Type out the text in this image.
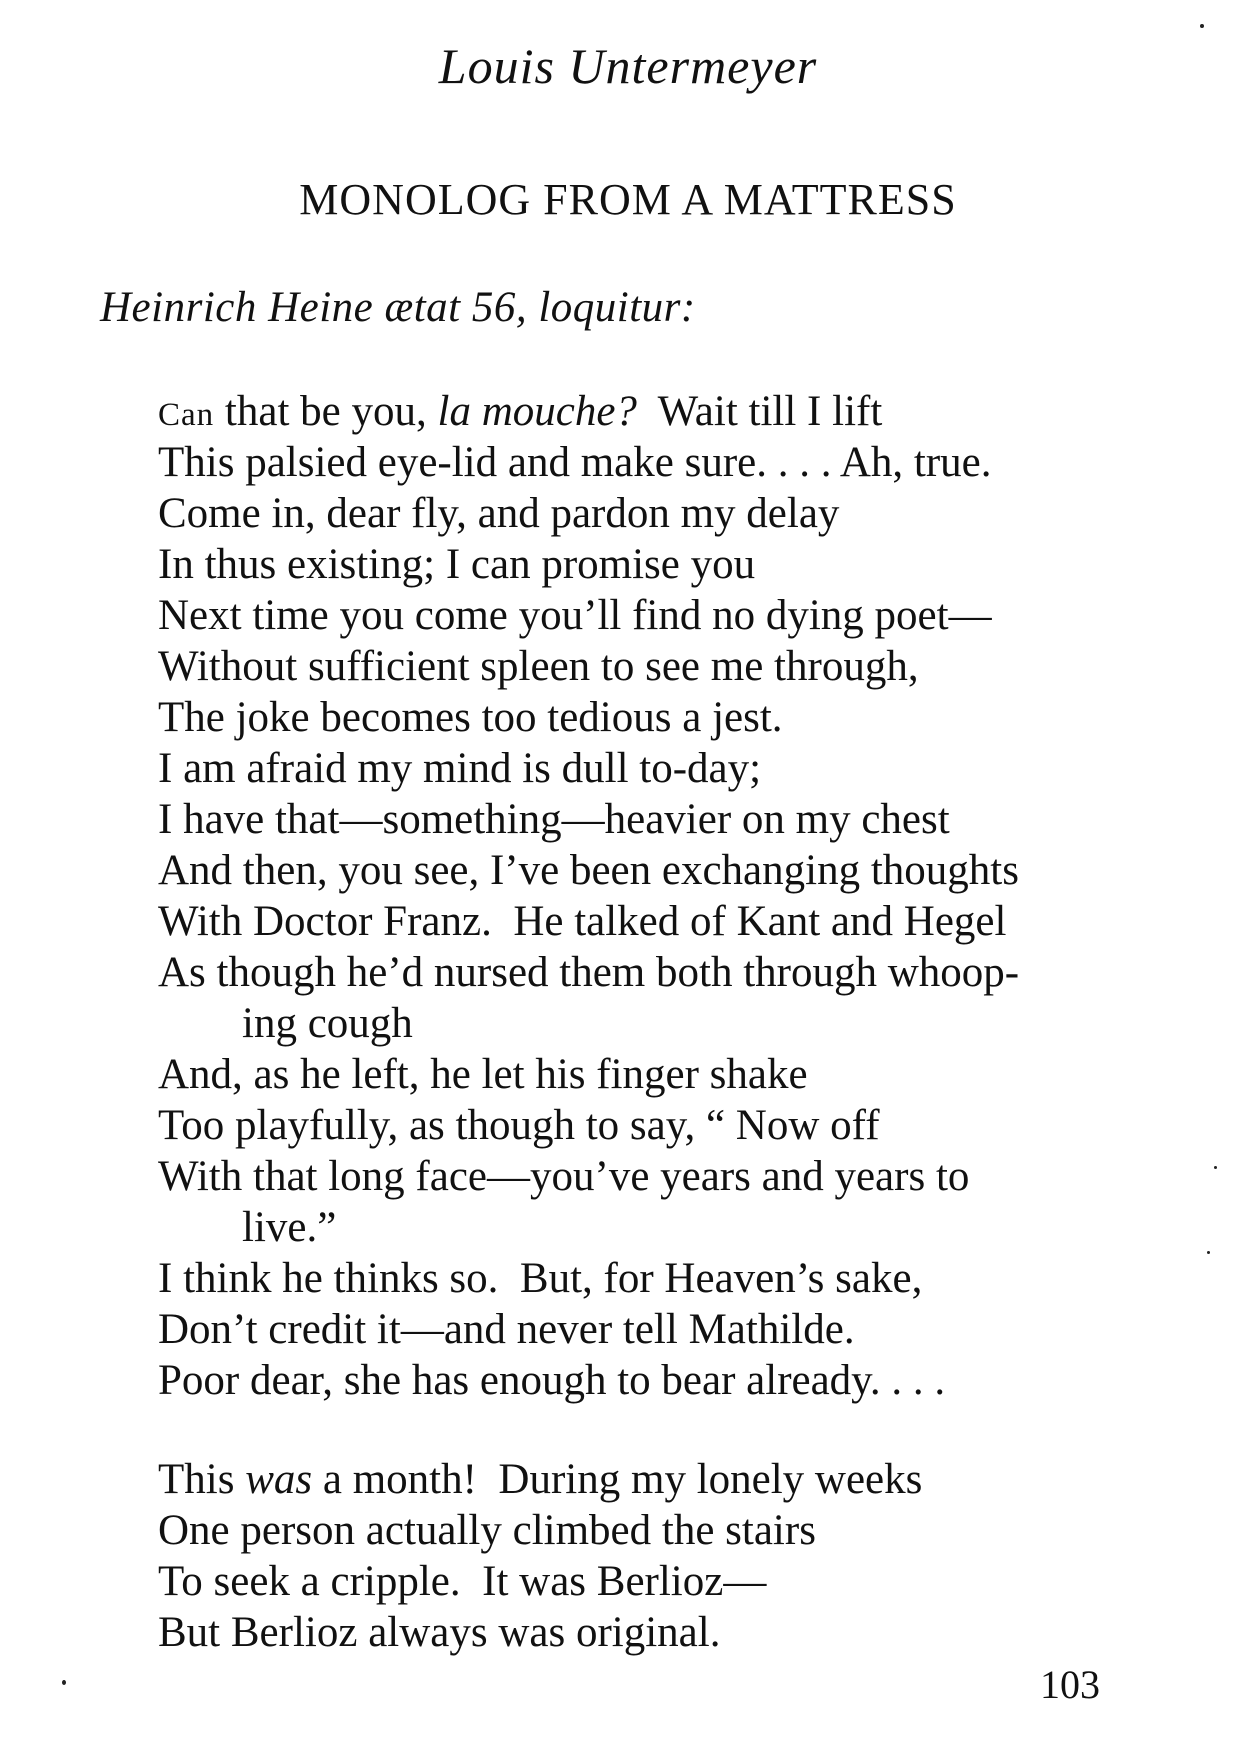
Louis Untermeyer
MONOLOG FROM A MATTRESS

Heinrich Heine ætat 56, loquitur:

Can that be you, la mouche?  Wait till I lift
This palsied eye-lid and make sure. . . . Ah, true.
Come in, dear fly, and pardon my delay
In thus existing; I can promise you
Next time you come you’ll find no dying poet—
Without sufficient spleen to see me through,
The joke becomes too tedious a jest.
I am afraid my mind is dull to-day;
I have that—something—heavier on my chest
And then, you see, I’ve been exchanging thoughts
With Doctor Franz.  He talked of Kant and Hegel
As though he’d nursed them both through whoop-
ing cough
And, as he left, he let his finger shake
Too playfully, as though to say, “ Now off
With that long face—you’ve years and years to
live.”
I think he thinks so.  But, for Heaven’s sake,
Don’t credit it—and never tell Mathilde.
Poor dear, she has enough to bear already. . . .
This was a month!  During my lonely weeks
One person actually climbed the stairs
To seek a cripple.  It was Berlioz—
But Berlioz always was original.

103
